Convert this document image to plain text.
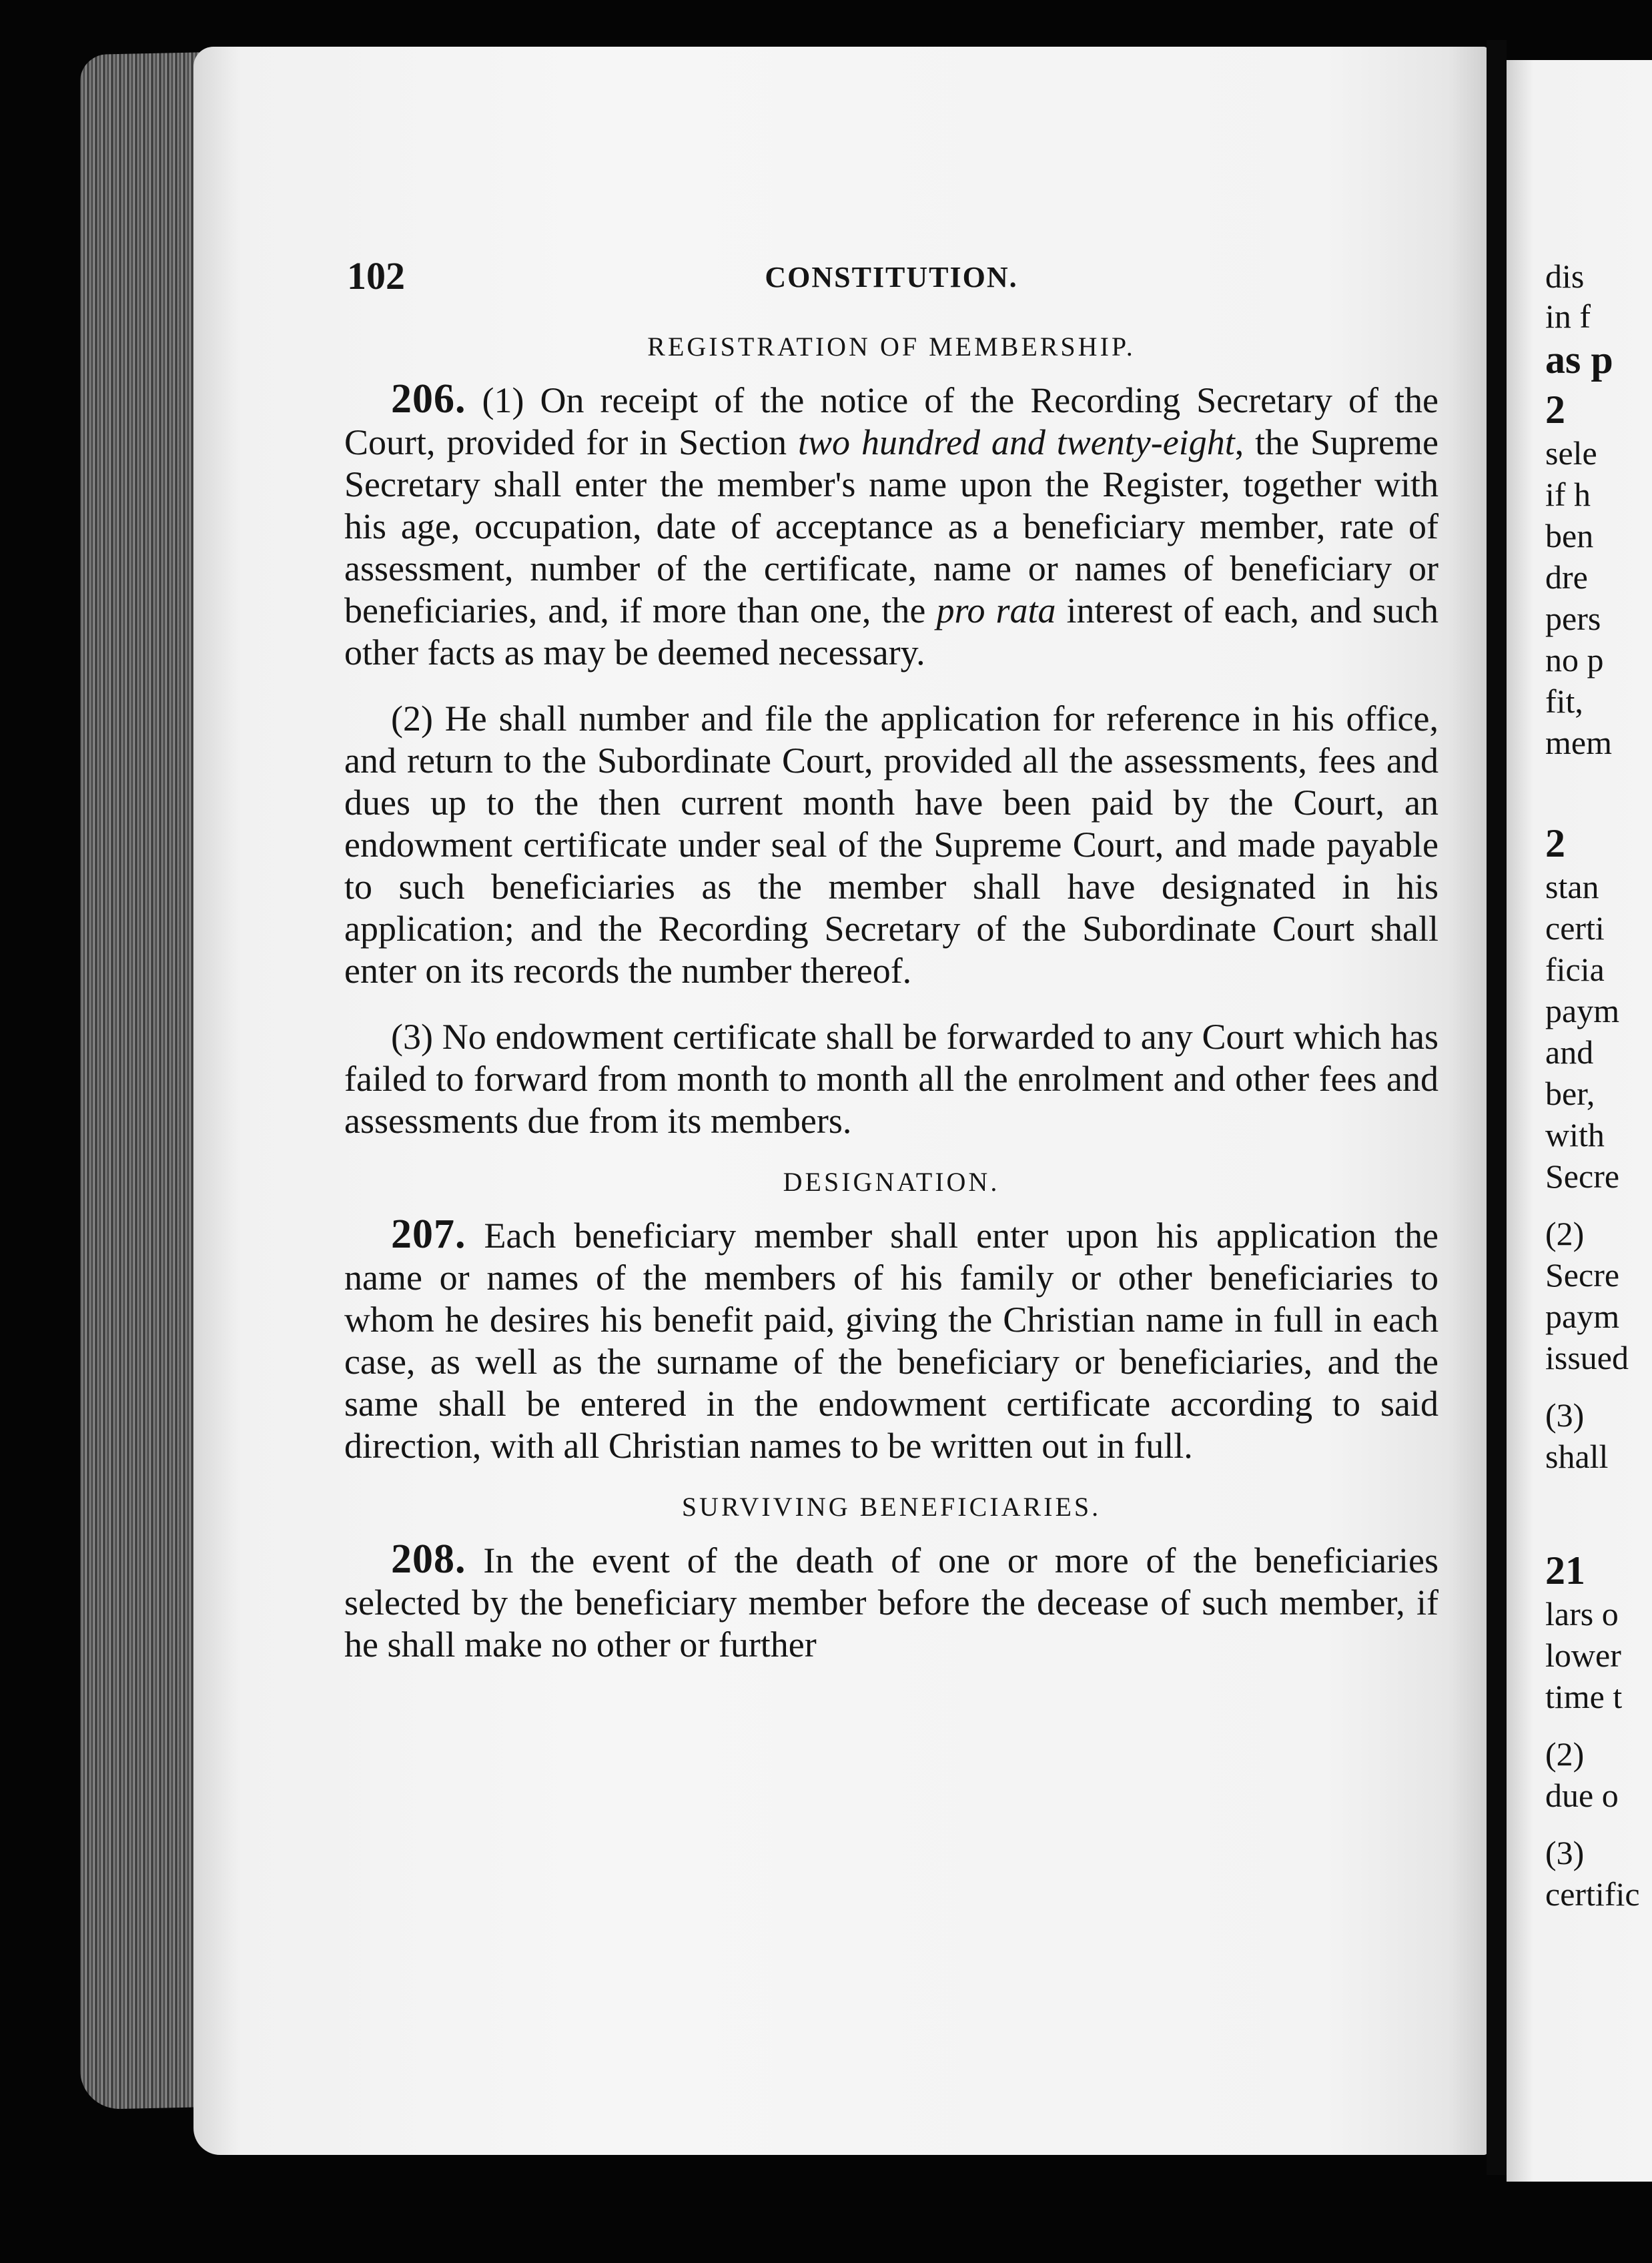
dis
in f
as p
2
sele
if h
ben
dre
pers
no p
fit,
mem
2
stan
certi
ficia
paym
and
ber,
with
Secre
(2)
Secre
paym
issued
(3)
shall
21
lars o
lower
time t
(2)
due o
(3)
certific
102	CONSTITUTION.
REGISTRATION OF MEMBERSHIP.

206. (1) On receipt of the notice of the Recording Secretary of the Court, provided for in Section two hundred and twenty-eight, the Supreme Secretary shall enter the member's name upon the Register, together with his age, occupation, date of acceptance as a beneficiary member, rate of assessment, number of the certificate, name or names of beneficiary or beneficiaries, and, if more than one, the pro rata interest of each, and such other facts as may be deemed necessary.

(2) He shall number and file the application for reference in his office, and return to the Subordinate Court, provided all the assessments, fees and dues up to the then current month have been paid by the Court, an endowment certificate under seal of the Supreme Court, and made payable to such beneficiaries as the member shall have designated in his application; and the Recording Secretary of the Subordinate Court shall enter on its records the number thereof.

(3) No endowment certificate shall be forwarded to any Court which has failed to forward from month to month all the enrolment and other fees and assessments due from its members.

DESIGNATION.

207. Each beneficiary member shall enter upon his application the name or names of the members of his family or other beneficiaries to whom he desires his benefit paid, giving the Christian name in full in each case, as well as the surname of the beneficiary or beneficiaries, and the same shall be entered in the endowment certificate according to said direction, with all Christian names to be written out in full.

SURVIVING BENEFICIARIES.

208. In the event of the death of one or more of the beneficiaries selected by the beneficiary member before the decease of such member, if he shall make no other or further
